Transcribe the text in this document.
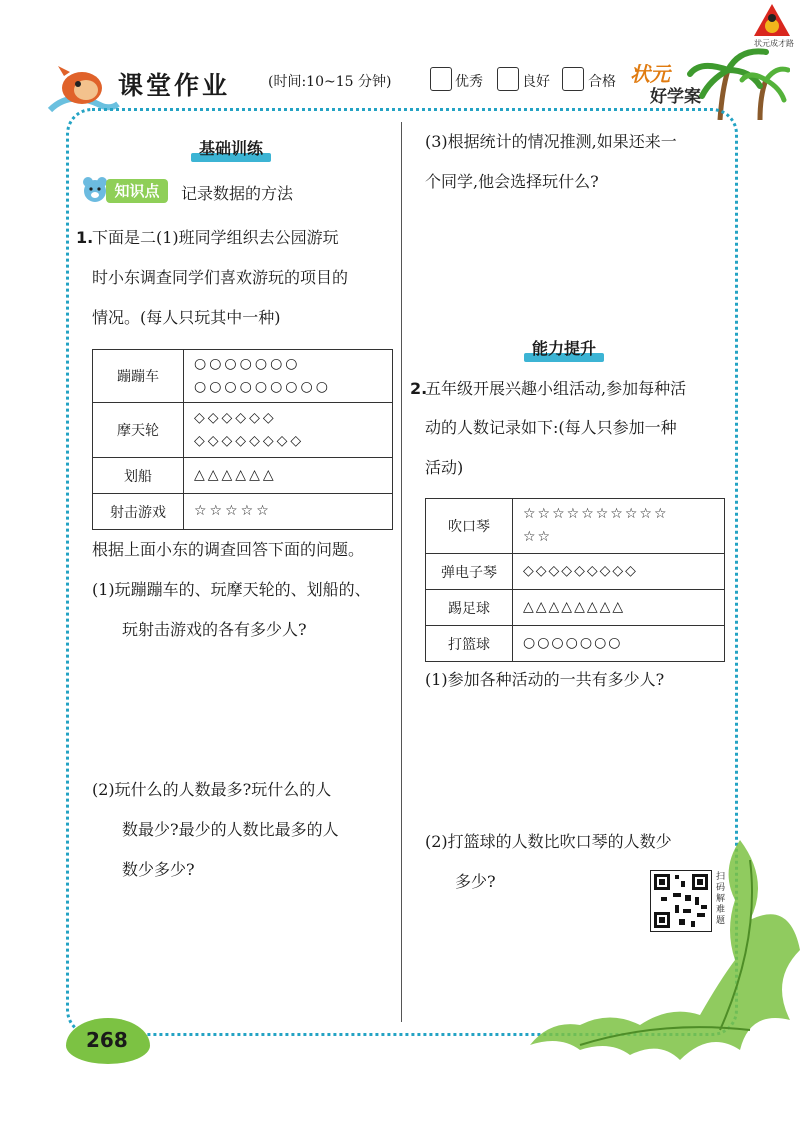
状元成才路
课堂作业	(时间:10~15 分钟)	优秀	良好	合格 状元
好学案
基础训练
知识点	记录数据的方法
1.
下面是二(1)班同学组织去公园游玩
时小东调查同学们喜欢游玩的项目的
情况。(每人只玩其中一种)
蹦蹦车	○○○○○○○
○○○○○○○○○

摩天轮	◇◇◇◇◇◇
◇◇◇◇◇◇◇◇

划船	△△△△△△
射击游戏	☆☆☆☆☆
根据上面小东的调查回答下面的问题。
(1)玩蹦蹦车的、玩摩天轮的、划船的、
玩射击游戏的各有多少人?
(2)玩什么的人数最多?玩什么的人
数最少?最少的人数比最多的人
数少多少?
(3)根据统计的情况推测,如果还来一
个同学,他会选择玩什么?
能力提升
2.
五年级开展兴趣小组活动,参加每种活
动的人数记录如下:(每人只参加一种
活动)
吹口琴	☆☆☆☆☆☆☆☆☆☆
☆☆

弹电子琴	◇◇◇◇◇◇◇◇◇
踢足球	△△△△△△△△
打篮球	○○○○○○○
(1)参加各种活动的一共有多少人?
(2)打篮球的人数比吹口琴的人数少
多少?	扫码解难题
268
